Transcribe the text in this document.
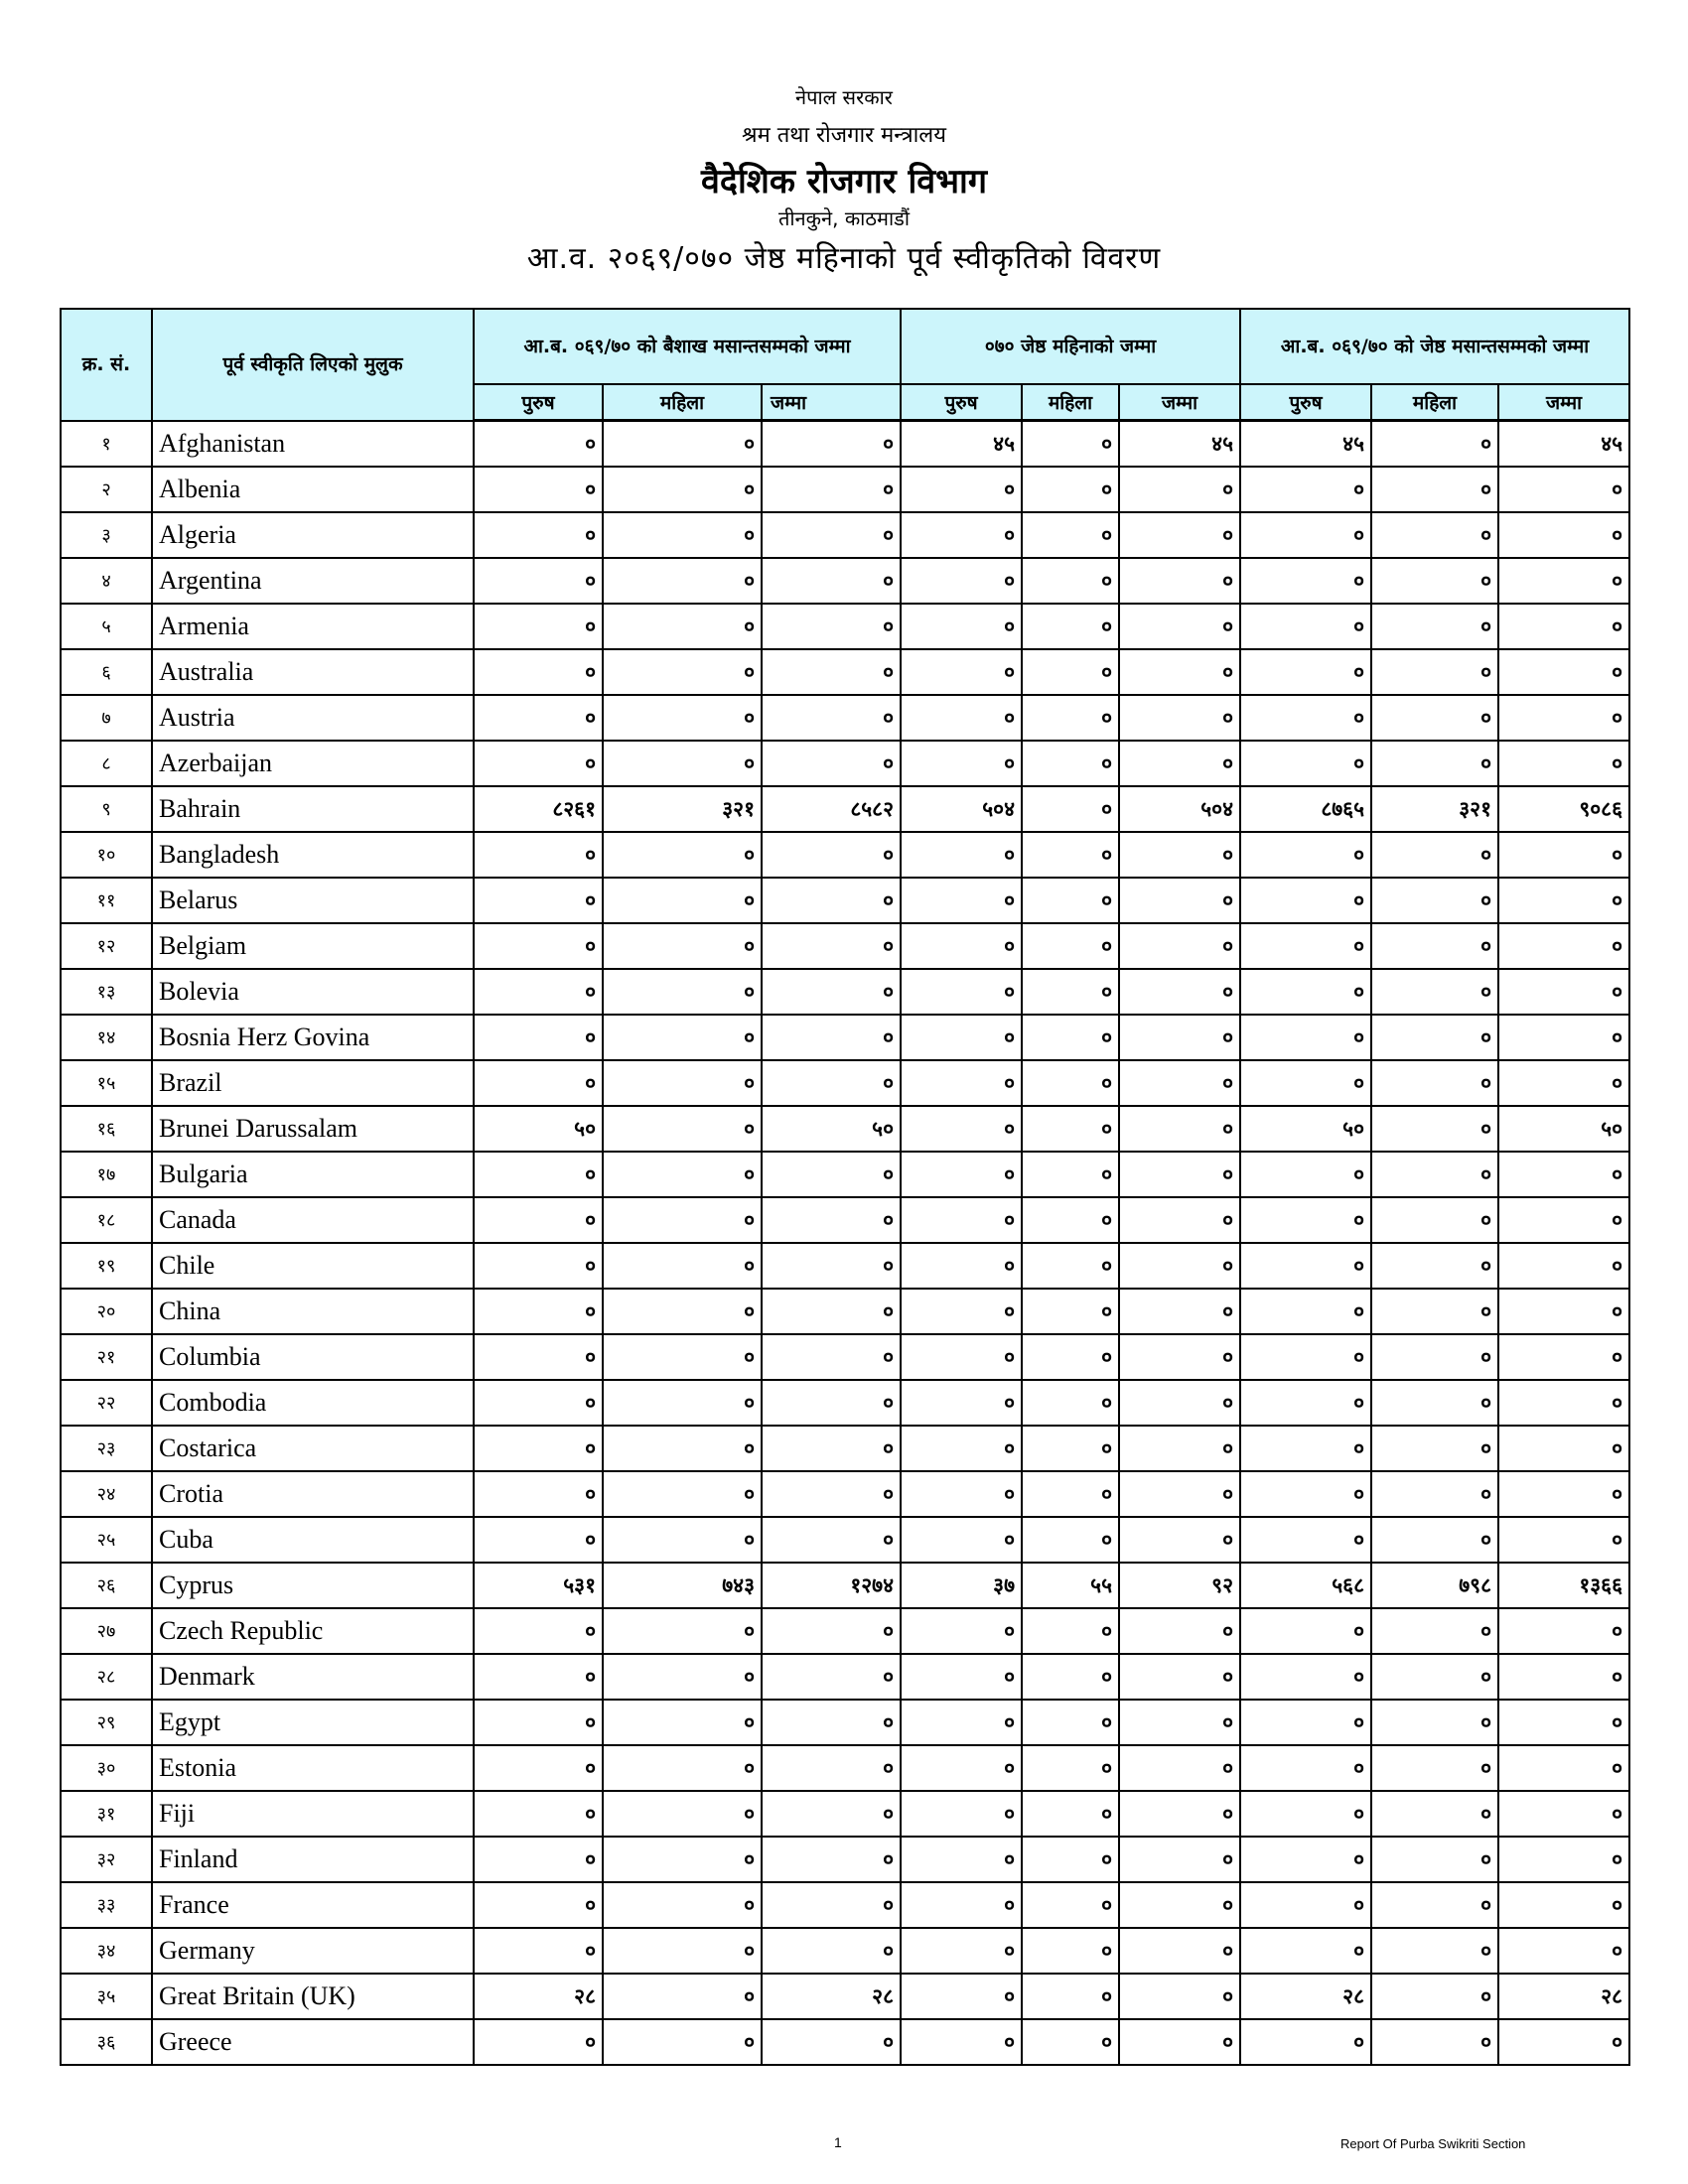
नेपाल सरकार
श्रम तथा रोजगार मन्त्रालय
वैदेशिक रोजगार विभाग
तीनकुने, काठमाडौं
आ.व. २०६९/०७० जेष्ठ महिनाको पूर्व स्वीकृतिको विवरण
क्र. सं.	पूर्व स्वीकृति लिएको मुलुक	आ.ब. ०६९/७० को बैशाख मसान्तसम्मको जम्मा			०७० जेष्ठ महिनाको जम्मा			आ.ब. ०६९/७० को जेष्ठ मसान्तसम्मको जम्मा		
		पुरुष	महिला	जम्मा	पुरुष	महिला	जम्मा	पुरुष	महिला	जम्मा
१	Afghanistan	०	०	०	४५	०	४५	४५	०	४५
२	Albenia	०	०	०	०	०	०	०	०	०
३	Algeria	०	०	०	०	०	०	०	०	०
४	Argentina	०	०	०	०	०	०	०	०	०
५	Armenia	०	०	०	०	०	०	०	०	०
६	Australia	०	०	०	०	०	०	०	०	०
७	Austria	०	०	०	०	०	०	०	०	०
८	Azerbaijan	०	०	०	०	०	०	०	०	०
९	Bahrain	८२६१	३२१	८५८२	५०४	०	५०४	८७६५	३२१	९०८६
१०	Bangladesh	०	०	०	०	०	०	०	०	०
११	Belarus	०	०	०	०	०	०	०	०	०
१२	Belgiam	०	०	०	०	०	०	०	०	०
१३	Bolevia	०	०	०	०	०	०	०	०	०
१४	Bosnia Herz Govina	०	०	०	०	०	०	०	०	०
१५	Brazil	०	०	०	०	०	०	०	०	०
१६	Brunei Darussalam	५०	०	५०	०	०	०	५०	०	५०
१७	Bulgaria	०	०	०	०	०	०	०	०	०
१८	Canada	०	०	०	०	०	०	०	०	०
१९	Chile	०	०	०	०	०	०	०	०	०
२०	China	०	०	०	०	०	०	०	०	०
२१	Columbia	०	०	०	०	०	०	०	०	०
२२	Combodia	०	०	०	०	०	०	०	०	०
२३	Costarica	०	०	०	०	०	०	०	०	०
२४	Crotia	०	०	०	०	०	०	०	०	०
२५	Cuba	०	०	०	०	०	०	०	०	०
२६	Cyprus	५३१	७४३	१२७४	३७	५५	९२	५६८	७९८	१३६६
२७	Czech Republic	०	०	०	०	०	०	०	०	०
२८	Denmark	०	०	०	०	०	०	०	०	०
२९	Egypt	०	०	०	०	०	०	०	०	०
३०	Estonia	०	०	०	०	०	०	०	०	०
३१	Fiji	०	०	०	०	०	०	०	०	०
३२	Finland	०	०	०	०	०	०	०	०	०
३३	France	०	०	०	०	०	०	०	०	०
३४	Germany	०	०	०	०	०	०	०	०	०
३५	Great Britain (UK)	२८	०	२८	०	०	०	२८	०	२८
३६	Greece	०	०	०	०	०	०	०	०	०
1	Report Of Purba Swikriti Section
